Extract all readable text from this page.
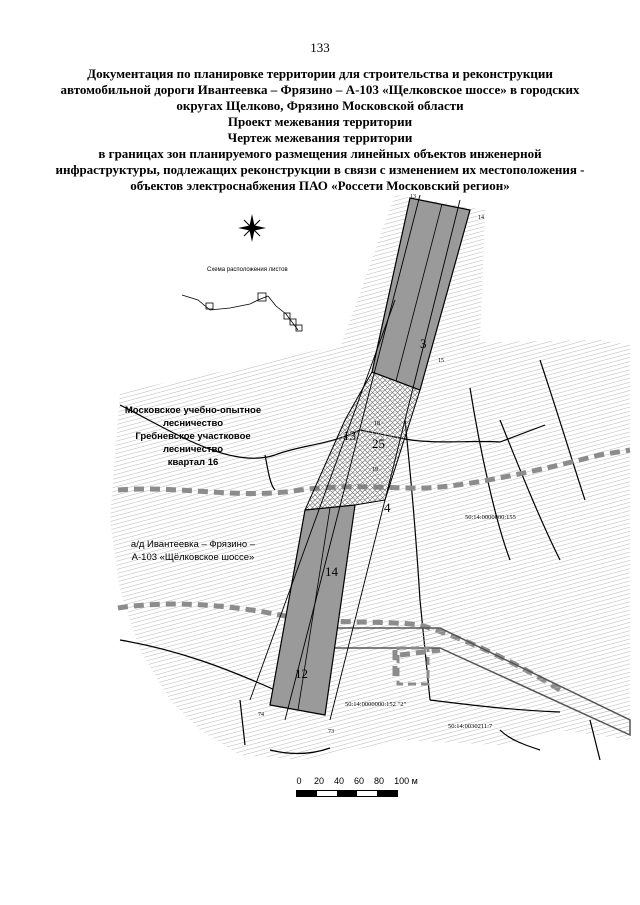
133
Документация по планировке территории для строительства и реконструкции
автомобильной дороги Ивантеевка – Фрязино – А-103 «Щелковское шоссе» в городских
округах Щелково, Фрязино Московской области
Проект межевания территории
Чертеж межевания территории
в границах зон планируемого размещения линейных объектов инженерной
инфраструктуры, подлежащих реконструкции в связи с изменением их местоположения -
объектов электроснабжения ПАО «Россети Московский регион»
Схема расположения листов
Московское учебно-опытное
лесничество
Гребневское участковое
лесничество
квартал 16
а/д Ивантеевка – Фрязино –
А-103 «Щёлковское шоссе»
3
13
25
14
12
4
13
14
15
18
19
74
73
50:14:0000000:155
50:14:0000000:152 "2"
50:14:0030211:7
0 20 40 60 80 100 м
